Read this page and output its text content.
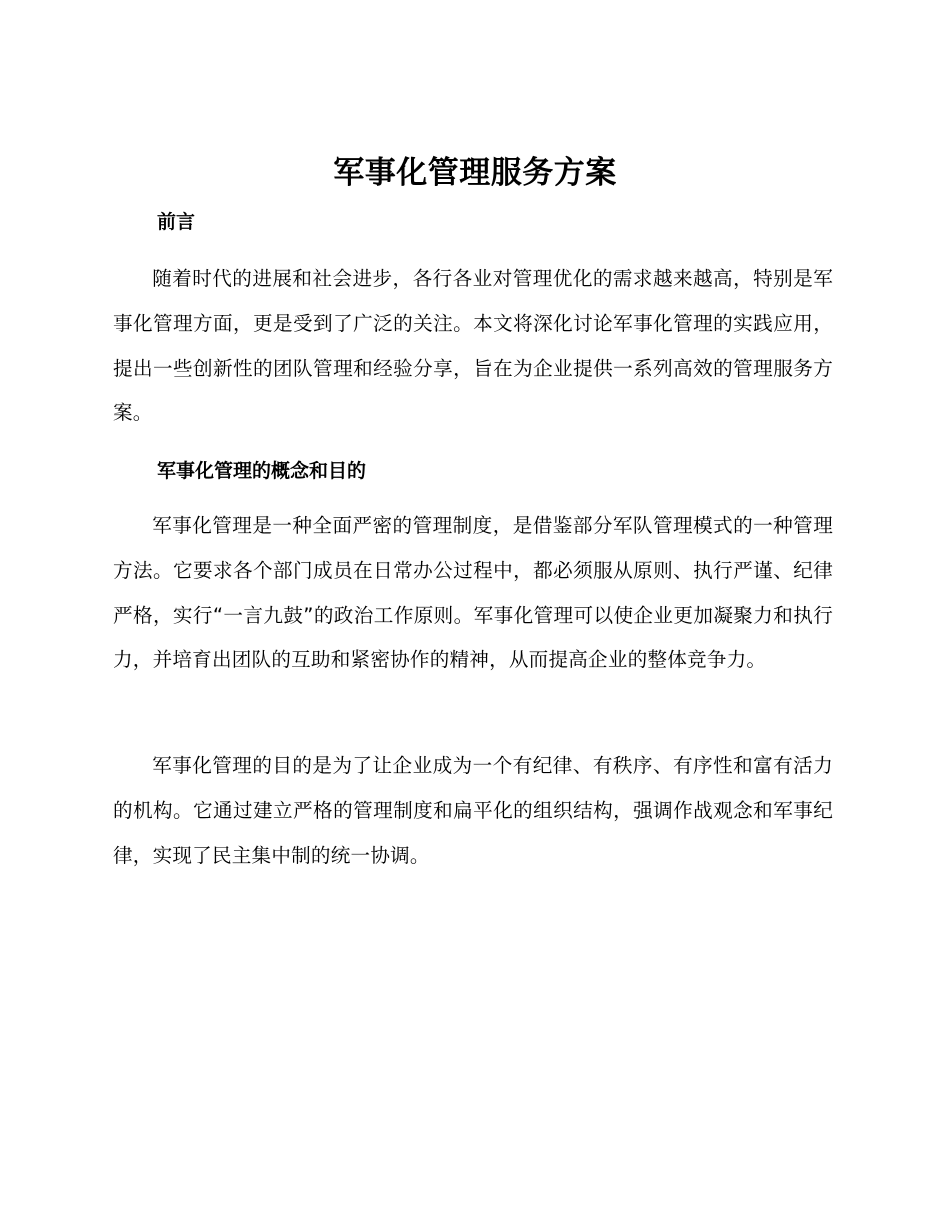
军事化管理服务方案
前言
随着时代的进展和社会进步，各行各业对管理优化的需求越来越高，特别是军事化管理方面，更是受到了广泛的关注。本文将深化讨论军事化管理的实践应用，提出一些创新性的团队管理和经验分享，旨在为企业提供一系列高效的管理服务方案。
军事化管理的概念和目的
军事化管理是一种全面严密的管理制度，是借鉴部分军队管理模式的一种管理方法。它要求各个部门成员在日常办公过程中，都必须服从原则、执行严谨、纪律严格，实行“一言九鼓”的政治工作原则。军事化管理可以使企业更加凝聚力和执行力，并培育出团队的互助和紧密协作的精神，从而提高企业的整体竞争力。
军事化管理的目的是为了让企业成为一个有纪律、有秩序、有序性和富有活力的机构。它通过建立严格的管理制度和扁平化的组织结构，强调作战观念和军事纪律，实现了民主集中制的统一协调。
